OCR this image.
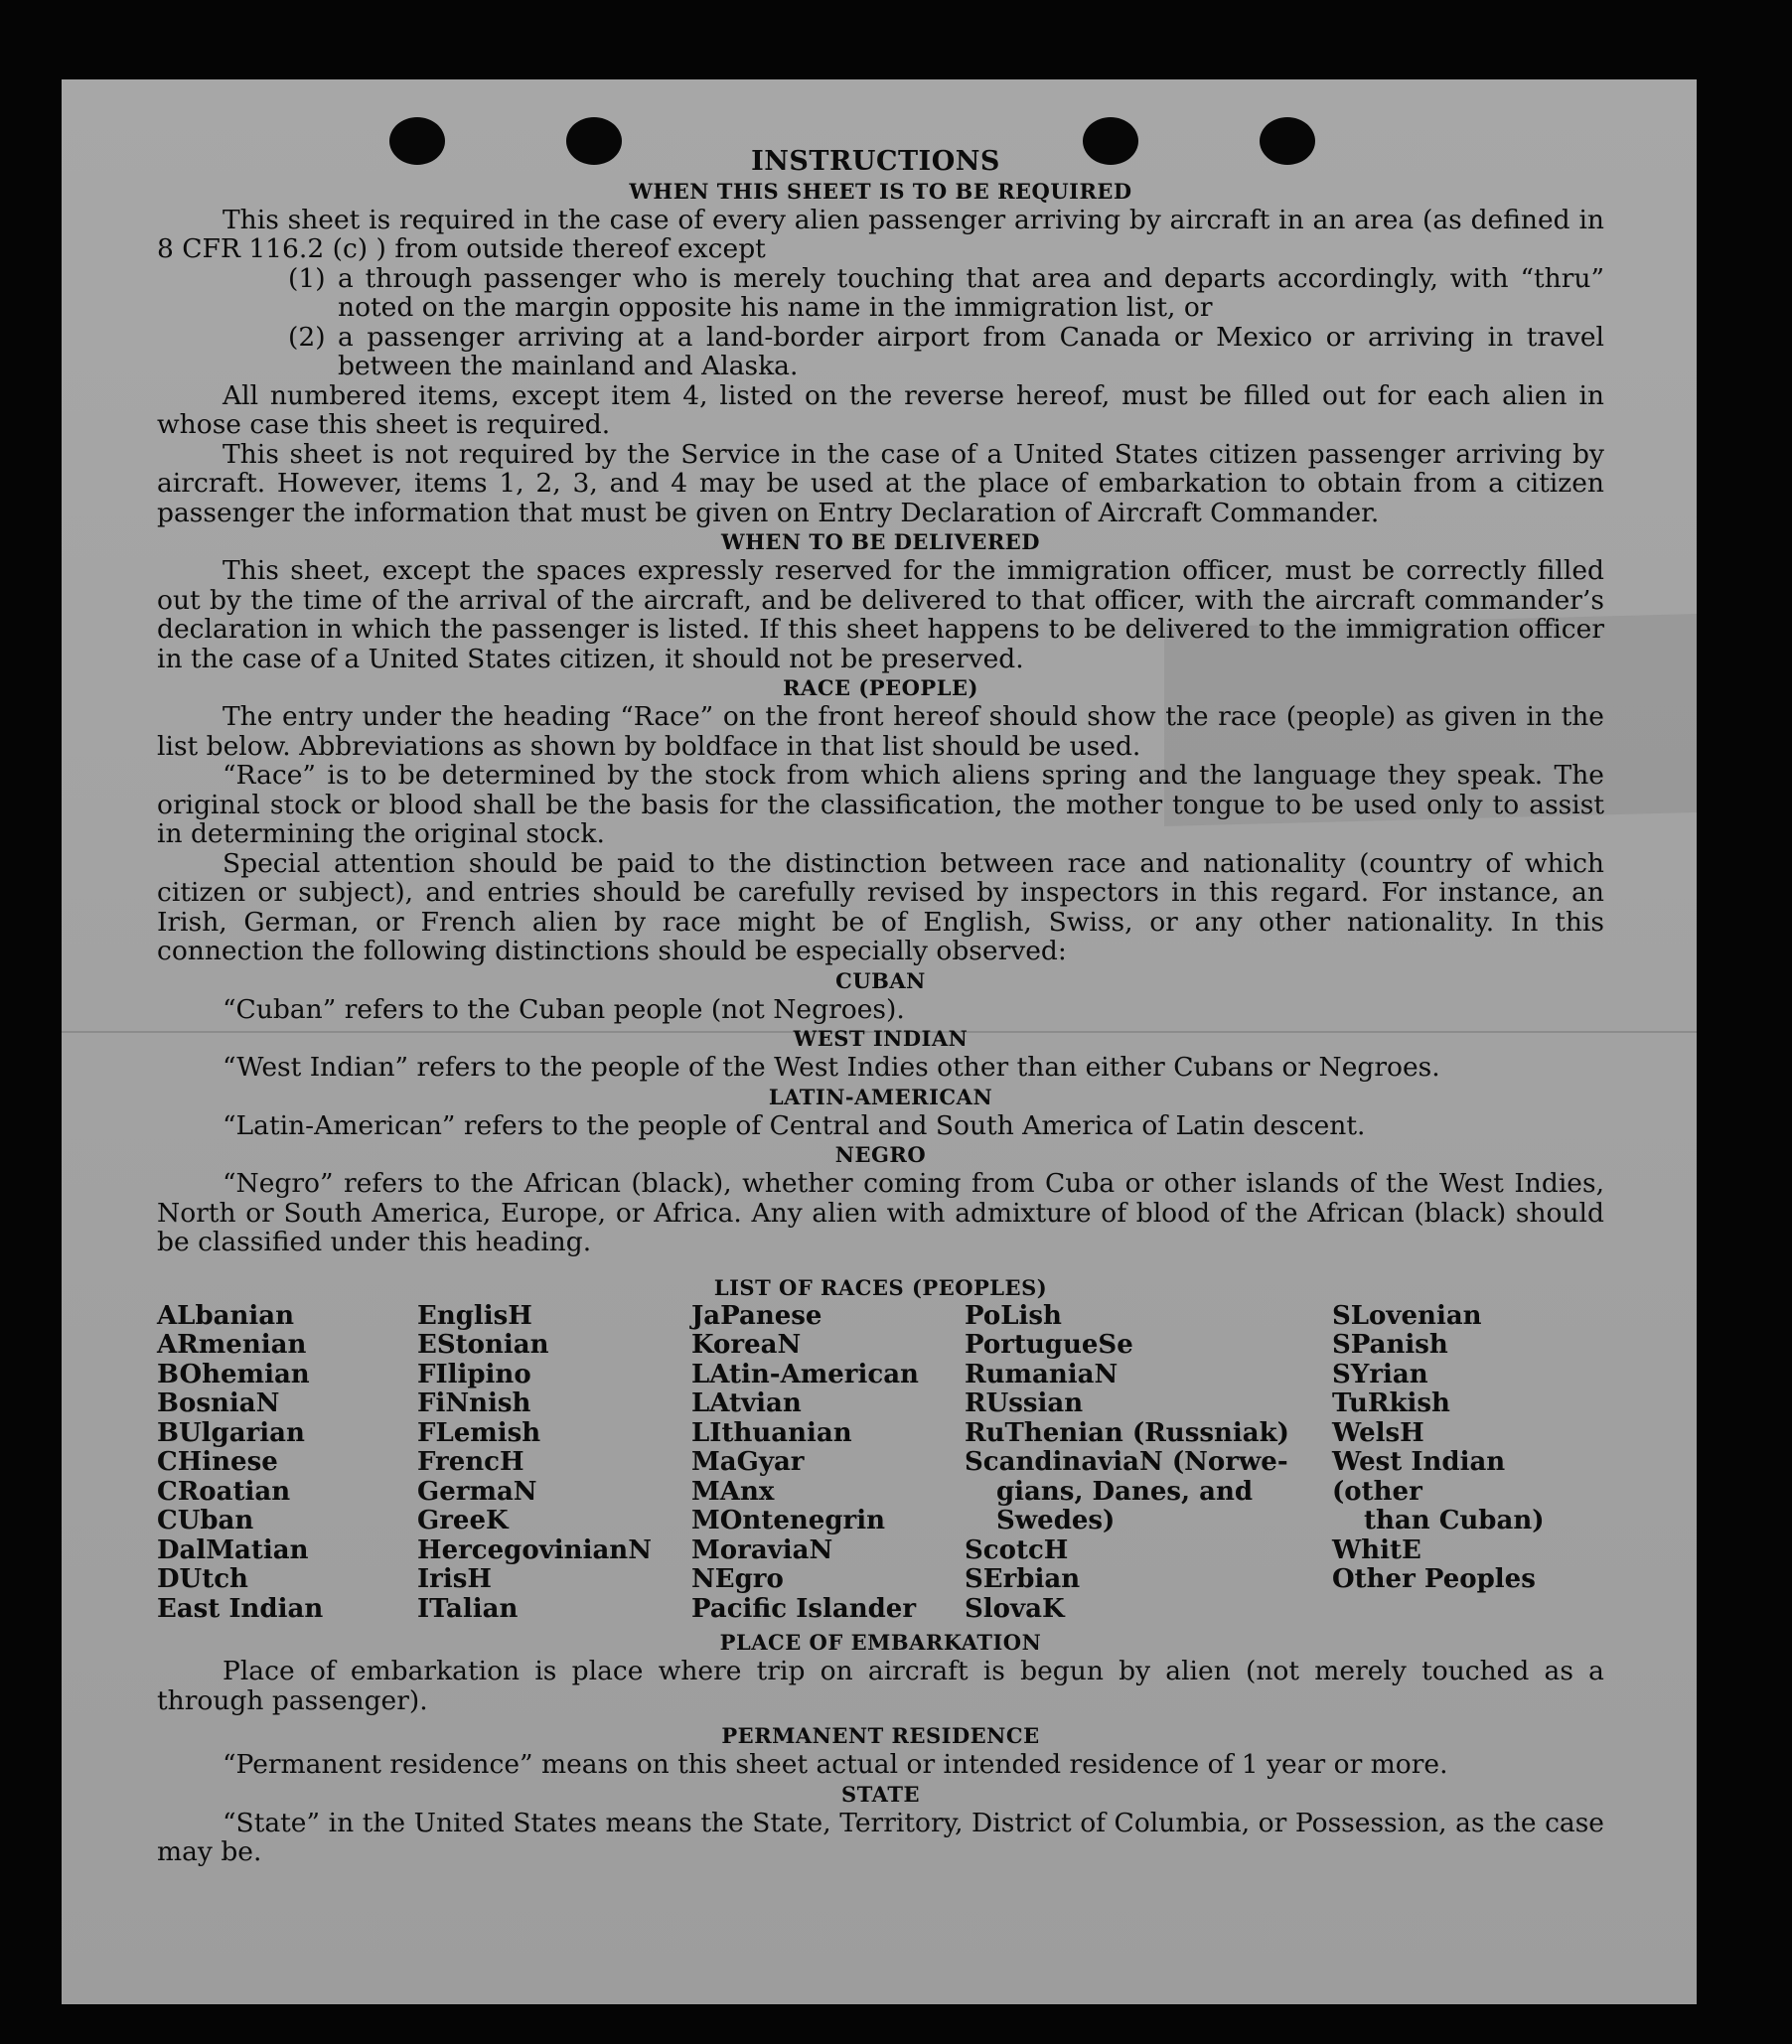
INSTRUCTIONS
WHEN THIS SHEET IS TO BE REQUIRED

This sheet is required in the case of every alien passenger arriving by aircraft in an area (as defined in 8 CFR 116.2 (c) ) from outside thereof except

(1) a through passenger who is merely touching that area and departs accordingly, with “thru” noted on the margin opposite his name in the immigration list, or

(2) a passenger arriving at a land-border airport from Canada or Mexico or arriving in travel between the mainland and Alaska.

All numbered items, except item 4, listed on the reverse hereof, must be filled out for each alien in whose case this sheet is required.

This sheet is not required by the Service in the case of a United States citizen passenger arriving by aircraft. However, items 1, 2, 3, and 4 may be used at the place of embarkation to obtain from a citizen passenger the information that must be given on Entry Declaration of Aircraft Commander.

WHEN TO BE DELIVERED

This sheet, except the spaces expressly reserved for the immigration officer, must be correctly filled out by the time of the arrival of the aircraft, and be delivered to that officer, with the aircraft commander’s declaration in which the passenger is listed. If this sheet happens to be delivered to the immigration officer in the case of a United States citizen, it should not be preserved.

RACE (PEOPLE)

The entry under the heading “Race” on the front hereof should show the race (people) as given in the list below. Abbreviations as shown by boldface in that list should be used.

“Race” is to be determined by the stock from which aliens spring and the language they speak. The original stock or blood shall be the basis for the classification, the mother tongue to be used only to assist in determining the original stock.

Special attention should be paid to the distinction between race and nationality (country of which citizen or subject), and entries should be carefully revised by inspectors in this regard. For instance, an Irish, German, or French alien by race might be of English, Swiss, or any other nationality. In this connection the following distinctions should be especially observed:

CUBAN

“Cuban” refers to the Cuban people (not Negroes).

WEST INDIAN

“West Indian” refers to the people of the West Indies other than either Cubans or Negroes.

LATIN-AMERICAN

“Latin-American” refers to the people of Central and South America of Latin descent.

NEGRO

“Negro” refers to the African (black), whether coming from Cuba or other islands of the West Indies, North or South America, Europe, or Africa. Any alien with admixture of blood of the African (black) should be classified under this heading.

LIST OF RACES (PEOPLES)
ALbanian
ARmenian
BOhemian
BosniaN
BUlgarian
CHinese
CRoatian
CUban
DalMatian
DUtch
East Indian
EnglisH
EStonian
FIlipino
FiNnish
FLemish
FrencH
GermaN
GreeK
HercegovinianN
IrisH
ITalian
JaPanese
KoreaN
LAtin-American
LAtvian
LIthuanian
MaGyar
MAnx
MOntenegrin
MoraviaN
NEgro
Pacific Islander
PoLish
PortugueSe
RumaniaN
RUssian
RuThenian (Russniak)
ScandinaviaN (Norwe-
gians, Danes, and
Swedes)
ScotcH
SErbian
SlovaK
SLovenian
SPanish
SYrian
TuRkish
WelsH
West Indian (other
than Cuban)
WhitE
Other Peoples
PLACE OF EMBARKATION

Place of embarkation is place where trip on aircraft is begun by alien (not merely touched as a through passenger).

PERMANENT RESIDENCE

“Permanent residence” means on this sheet actual or intended residence of 1 year or more.

STATE

“State” in the United States means the State, Territory, District of Columbia, or Possession, as the case may be.
